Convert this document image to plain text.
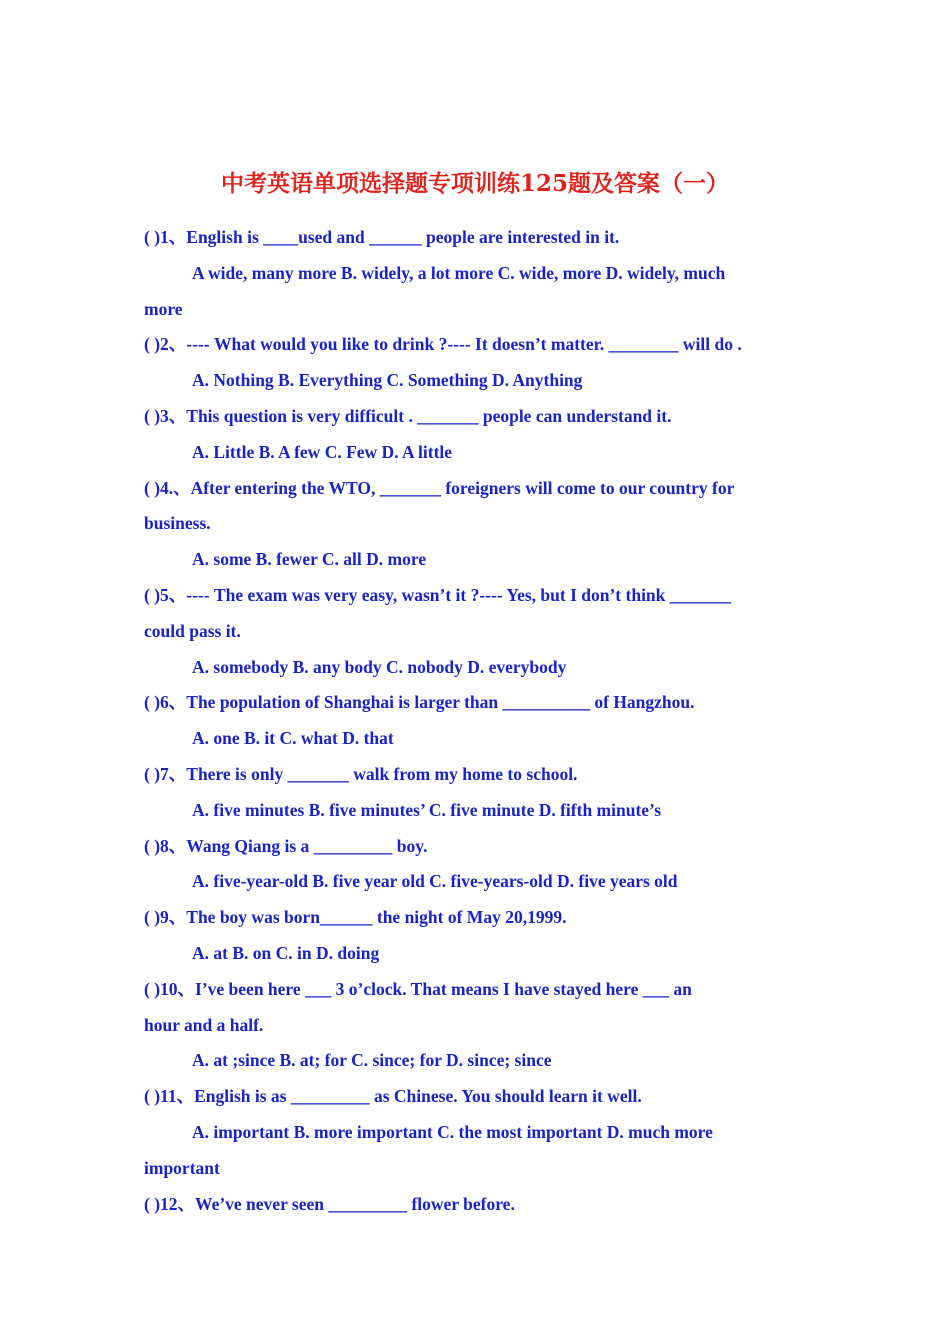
中考英语单项选择题专项训练125题及答案（一）
( )1、English is ____used and ______ people are interested in it.
A wide, many more B. widely, a lot more C. wide, more D. widely, much
more
( )2、---- What would you like to drink ?---- It doesn’t matter. ________ will do .
A. Nothing B. Everything C. Something D. Anything
( )3、This question is very difficult . _______ people can understand it.
A. Little B. A few C. Few D. A little
( )4.、After entering the WTO, _______ foreigners will come to our country for
business.
A. some B. fewer C. all D. more
( )5、---- The exam was very easy, wasn’t it ?---- Yes, but I don’t think _______
could pass it.
A. somebody B. any body C. nobody D. everybody
( )6、The population of Shanghai is larger than __________ of Hangzhou.
A. one B. it C. what D. that
( )7、There is only _______ walk from my home to school.
A. five minutes B. five minutes’ C. five minute D. fifth minute’s
( )8、Wang Qiang is a _________ boy.
A. five-year-old B. five year old C. five-years-old D. five years old
( )9、The boy was born______ the night of May 20,1999.
A. at B. on C. in D. doing
( )10、I’ve been here ___ 3 o’clock. That means I have stayed here ___ an
hour and a half.
A. at ;since B. at; for C. since; for D. since; since
( )11、English is as _________ as Chinese. You should learn it well.
A. important B. more important C. the most important D. much more
important
( )12、We’ve never seen _________ flower before.
